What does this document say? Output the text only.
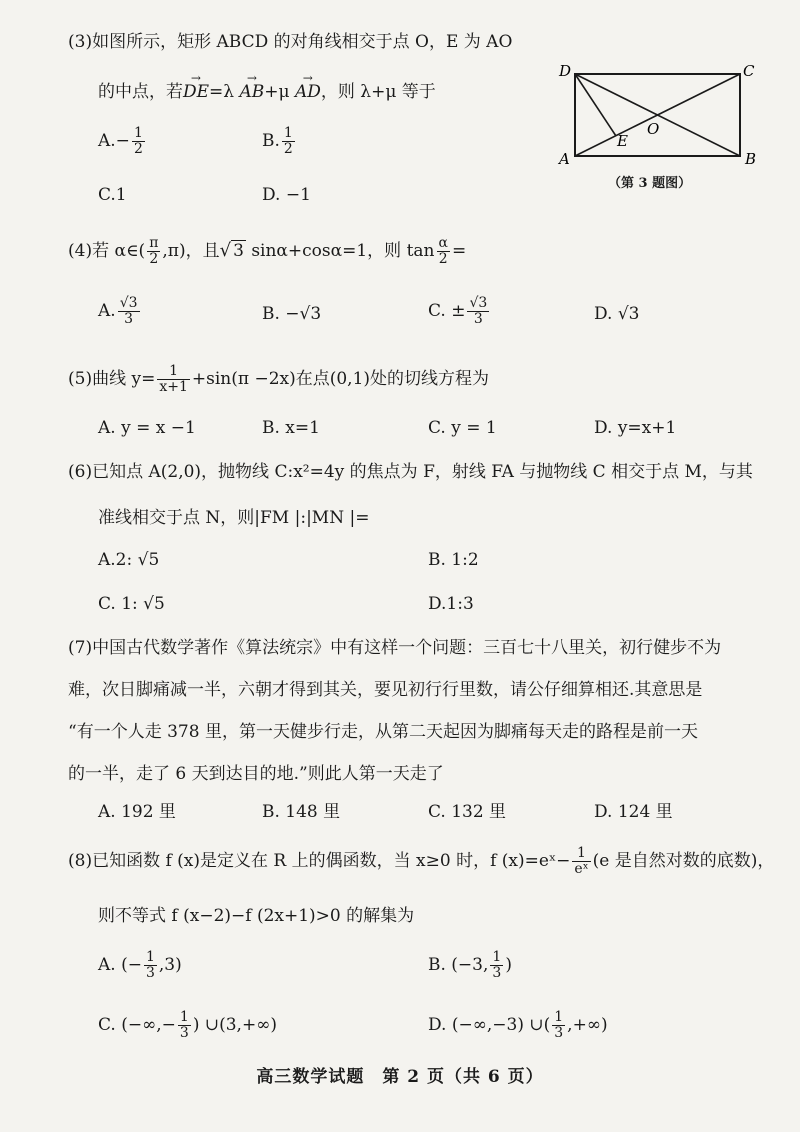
(3)如图所示，矩形 ABCD 的对角线相交于点 O，E 为 AO
的中点，若→ DE=λ → AB+μ → AD，则 λ+μ 等于
$A.- \frac{1}{2}$	B. $\frac{1}{2}$
C.1	D. −1
D	C
A	B
O
E
（第 3 题图）
(4)若 α∈( $\frac{\pi}{2} ,\pi$)，且√ 3 sinα+cosα=1，则 $\tan \frac{\alpha}{2}$ =
A. $\frac{√3}{3}$	B. −√3	C. ± $\frac{√3}{3}$	D. √3
(5)曲线 $y= \frac{1}{x+1} +\sin(\pi -2x)$在点(0,1)处的切线方程为
A. y = x −1	B. x=1	C. y = 1	D. y=x+1
(6)已知点 A(2,0)，抛物线 C:x²=4y 的焦点为 F，射线 FA 与抛物线 C 相交于点 M，与其
准线相交于点 N，则|FM |:|MN |=
A.2: √5	B. 1:2
C. 1: √5	D.1:3
(7)中国古代数学著作《算法统宗》中有这样一个问题：三百七十八里关，初行健步不为
难，次日脚痛减一半，六朝才得到其关，要见初行行里数，请公仔细算相还.其意思是
“有一个人走 378 里，第一天健步行走，从第二天起因为脚痛每天走的路程是前一天
的一半，走了 6 天到达目的地.”则此人第一天走了
A. 192 里	B. 148 里	C. 132 里	D. 124 里
(8)已知函数 f (x)是定义在 R 上的偶函数，当 x≥0 时，f (x)=eˣ− $\frac{1}{\text{eˣ}} (e$ 是自然对数的底数)，
则不等式 f (x−2)−f (2x+1)>0 的解集为
A. (− $\frac{1}{3} ,3$)	B. (−3, $\frac{1}{3}$ )
C. (−∞,− $\frac{1}{3}$ ) ∪(3,+∞)	D. (−∞,−3) ∪( $\frac{1}{3}$ ,+∞)
高三数学试题　第 2 页（共 6 页）
